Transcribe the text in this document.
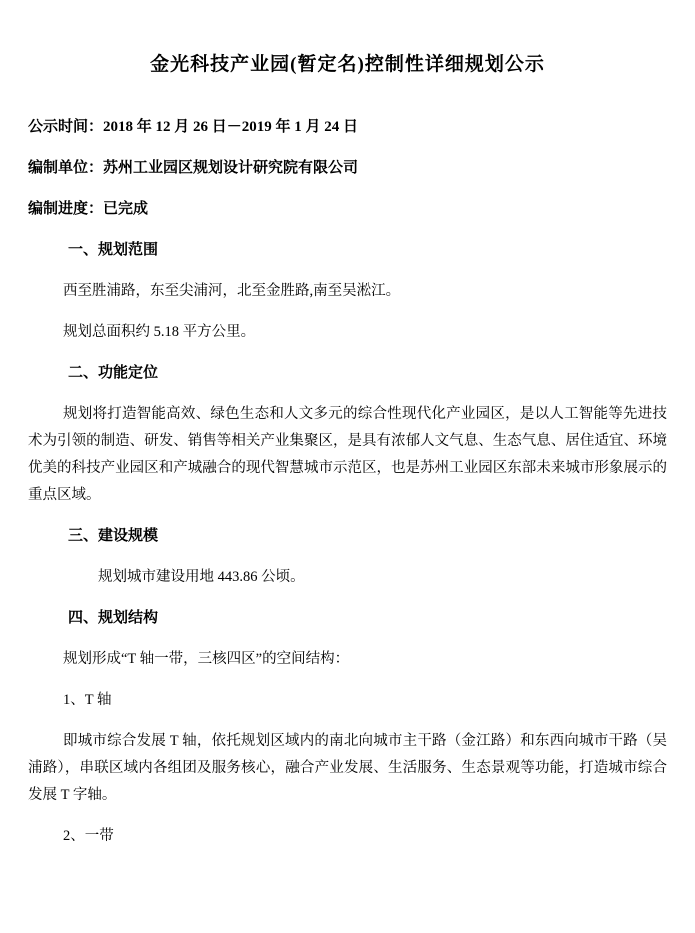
金光科技产业园(暂定名)控制性详细规划公示

公示时间：2018 年 12 月 26 日－2019 年 1 月 24 日

编制单位：苏州工业园区规划设计研究院有限公司

编制进度：已完成

一、规划范围

西至胜浦路，东至尖浦河，北至金胜路,南至吴淞江。

规划总面积约 5.18 平方公里。

二、功能定位

规划将打造智能高效、绿色生态和人文多元的综合性现代化产业园区，是以人工智能等先进技术为引领的制造、研发、销售等相关产业集聚区，是具有浓郁人文气息、生态气息、居住适宜、环境优美的科技产业园区和产城融合的现代智慧城市示范区，也是苏州工业园区东部未来城市形象展示的重点区域。

三、建设规模

规划城市建设用地 443.86 公顷。

四、规划结构

规划形成“T 轴一带，三核四区”的空间结构：

1、T 轴

即城市综合发展 T 轴，依托规划区域内的南北向城市主干路（金江路）和东西向城市干路（吴浦路），串联区域内各组团及服务核心，融合产业发展、生活服务、生态景观等功能，打造城市综合发展 T 字轴。

2、一带
